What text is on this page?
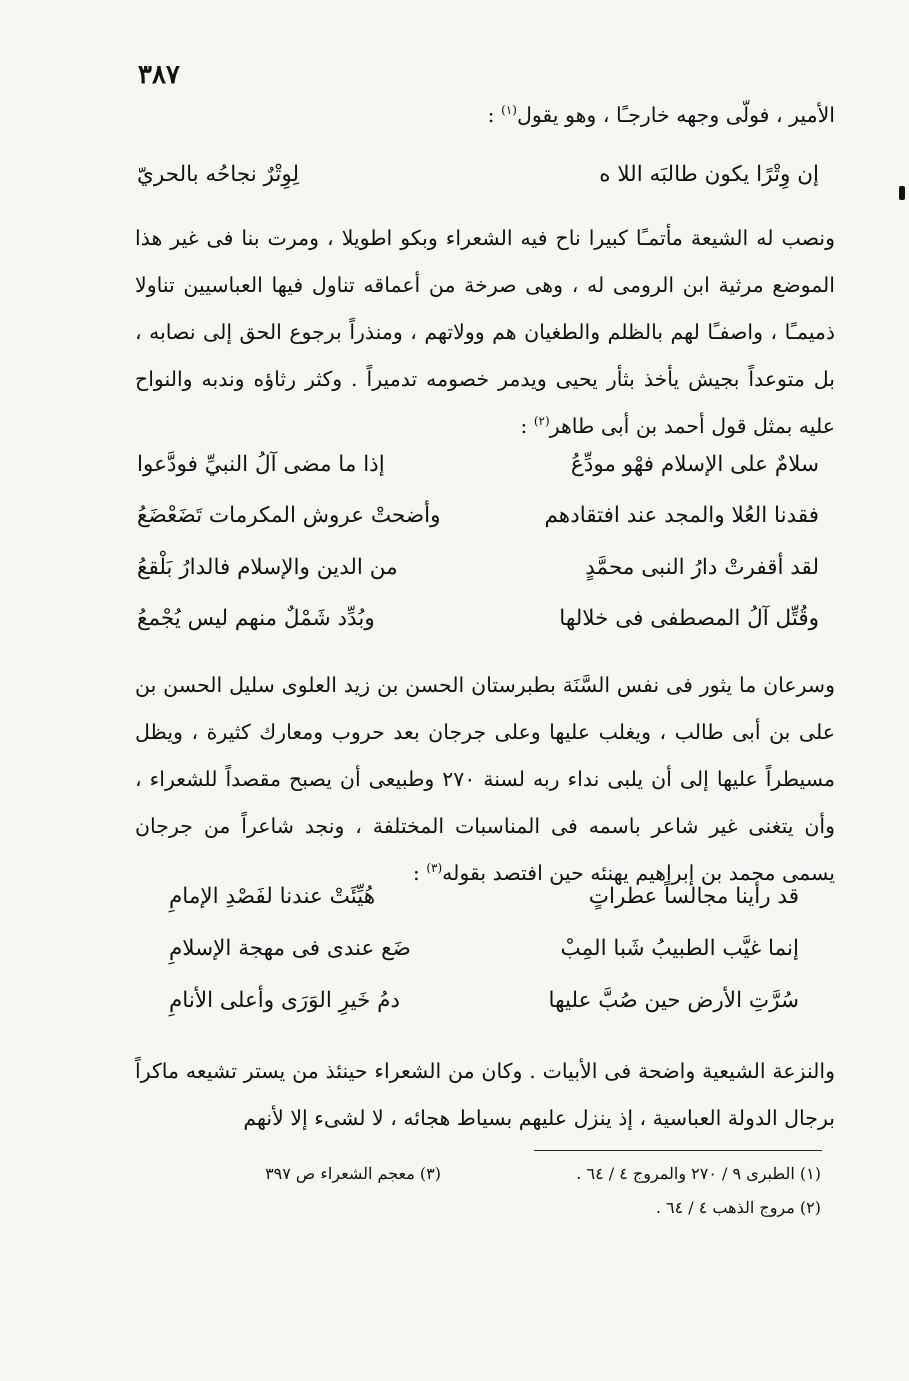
٣٨٧

الأمير ، فولّى وجهه خارجـًا ، وهو يقول$^{(١)}$ :

إن وِتْرًا يكون طالبَه اللا ه
لِوِتْرٌ نجاحُه بالحريّ

ونصب له الشيعة مأتمـًا كبيرا ناح فيه الشعراء وبكو اطويلا ، ومرت بنا فى غير هذا الموضع مرثية ابن الرومى له ، وهى صرخة من أعماقه تناول فيها العباسيين تناولا ذميمـًا ، واصفـًا لهم بالظلم والطغيان هم وولاتهم ، ومنذراً برجوع الحق إلى نصابه ، بل متوعداً بجيش يأخذ بثأر يحيى ويدمر خصومه تدميراً . وكثر رثاؤه وندبه والنواح عليه بمثل قول أحمد بن أبى طاهر$^{(٢)}$ :

سلامٌ على الإسلام فهْو مودِّعُ
إذا ما مضى آلُ النبيِّ فودَّعوا
فقدنا العُلا والمجد عند افتقادهم
وأضحتْ عروش المكرمات تَضَعْضَعُ
لقد أقفرتْ دارُ النبى محمَّدٍ
من الدين والإسلام فالدارُ بَلْقعُ
وقُتِّل آلُ المصطفى فى خلالها
وبُدِّد شَمْلٌ منهم ليس يُجْمعُ

وسرعان ما يثور فى نفس السَّنَة بطبرستان الحسن بن زيد العلوى سليل الحسن بن على بن أبى طالب ، ويغلب عليها وعلى جرجان بعد حروب ومعارك كثيرة ، ويظل مسيطراً عليها إلى أن يلبى نداء ربه لسنة ٢٧٠ وطبيعى أن يصبح مقصداً للشعراء ، وأن يتغنى غير شاعر باسمه فى المناسبات المختلفة ، ونجد شاعراً من جرجان يسمى محمد بن إبراهيم يهنئه حين افتصد بقوله$^{(٣)}$ :

قد رأينا مجالساً عطراتٍ
هُيِّئَتْ عندنا لفَصْدِ الإمامِ
إنما غيَّب الطبيبُ شَبا المِبْ
ضَع عندى فى مهجة الإسلامِ
سُرَّتِ الأرض حين صُبَّ عليها
دمُ خَيرِ الوَرَى وأعلى الأنامِ

والنزعة الشيعية واضحة فى الأبيات . وكان من الشعراء حينئذ من يستر تشيعه ماكراً برجال الدولة العباسية ، إذ ينزل عليهم بسياط هجائه ، لا لشىء إلا لأنهم

(١) الطبرى ٩ / ٢٧٠ والمروج ٤ / ٦٤ .
(٣) معجم الشعراء ص ٣٩٧
(٢) مروج الذهب ٤ / ٦٤ .
